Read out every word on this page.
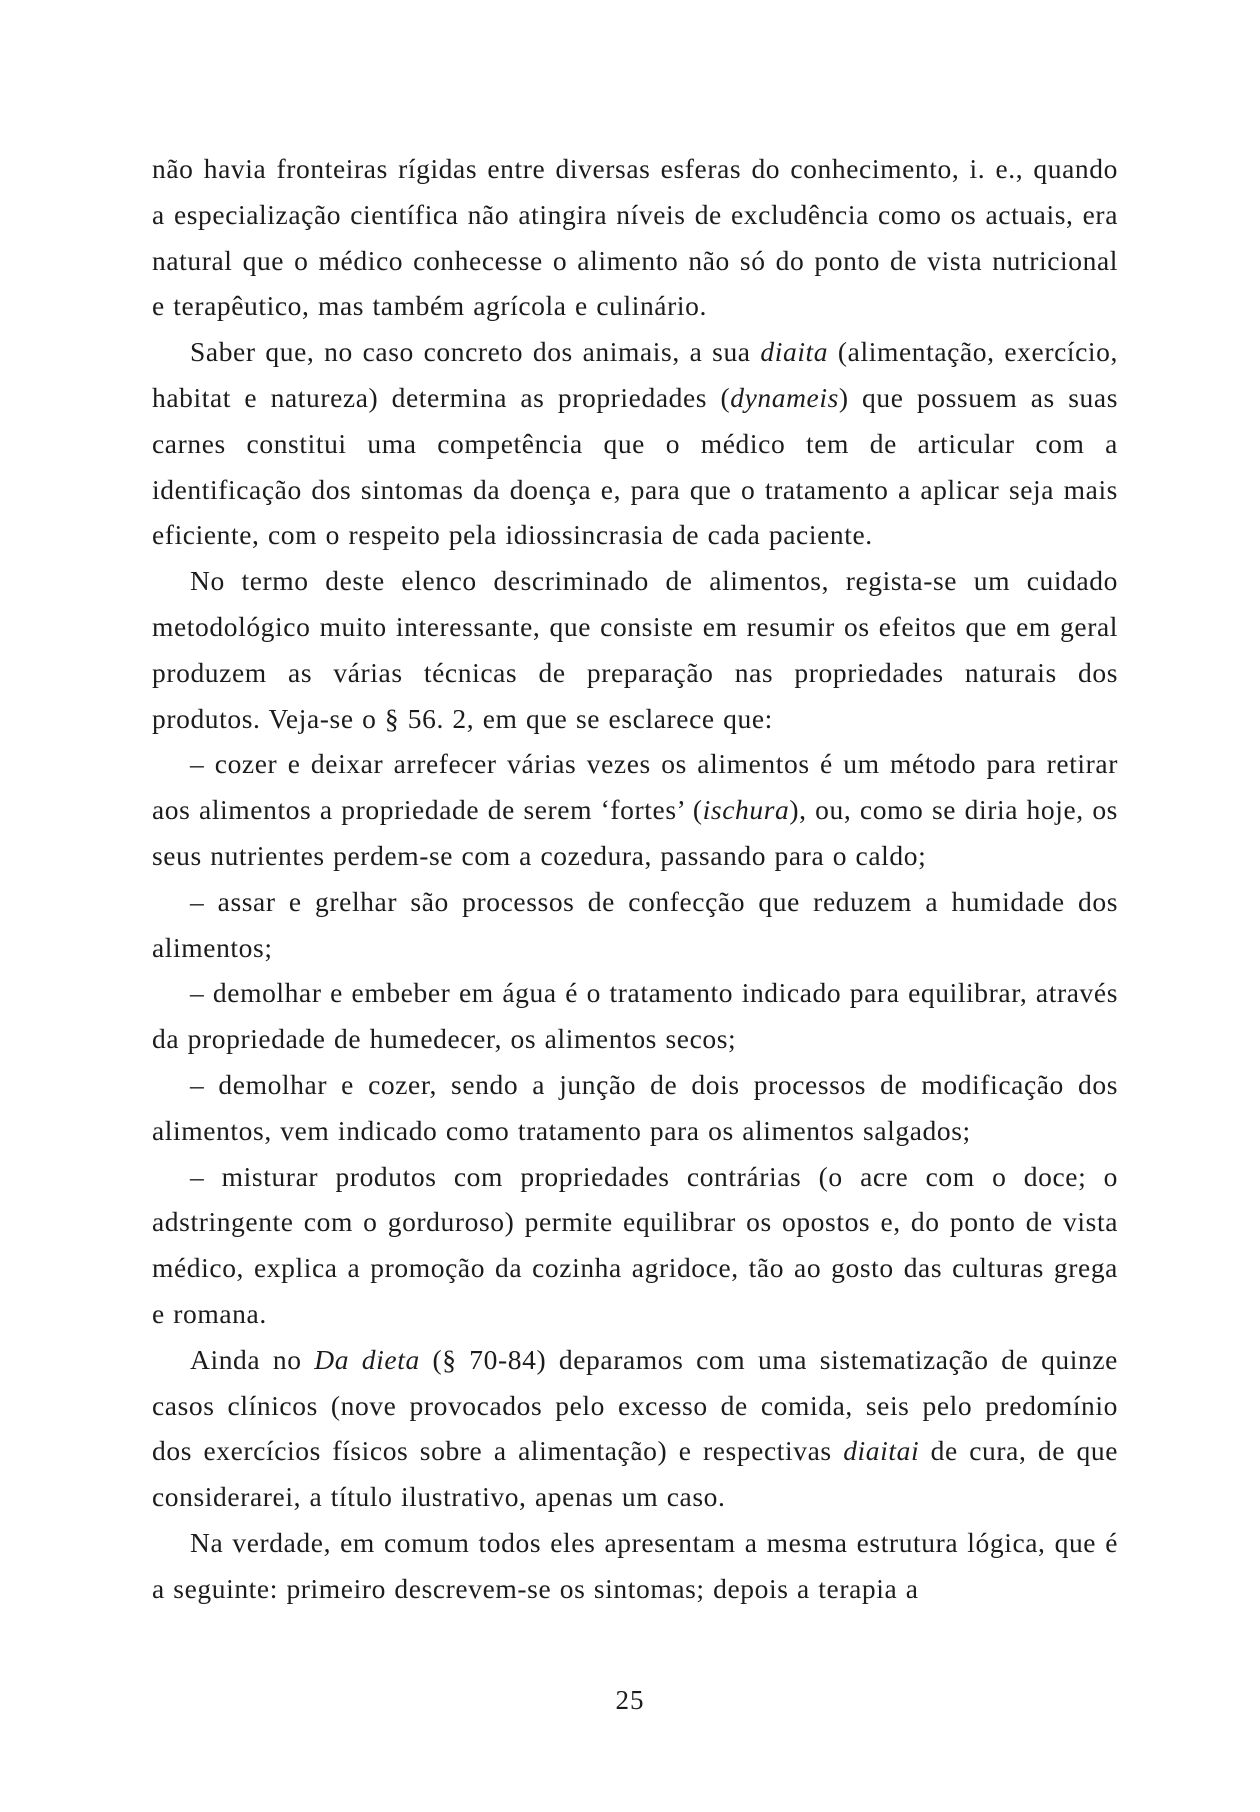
não havia fronteiras rígidas entre diversas esferas do conhecimento, i. e., quando a especialização científica não atingira níveis de excludência como os actuais, era natural que o médico conhecesse o alimento não só do ponto de vista nutricional e terapêutico, mas também agrícola e culinário.

Saber que, no caso concreto dos animais, a sua diaita (alimentação, exercício, habitat e natureza) determina as propriedades (dynameis) que possuem as suas carnes constitui uma competência que o médico tem de articular com a identificação dos sintomas da doença e, para que o tratamento a aplicar seja mais eficiente, com o respeito pela idiossincrasia de cada paciente.

No termo deste elenco descriminado de alimentos, regista-se um cuidado metodológico muito interessante, que consiste em resumir os efeitos que em geral produzem as várias técnicas de preparação nas propriedades naturais dos produtos. Veja-se o § 56. 2, em que se esclarece que:

– cozer e deixar arrefecer várias vezes os alimentos é um método para retirar aos alimentos a propriedade de serem ‘fortes’ (ischura), ou, como se diria hoje, os seus nutrientes perdem-se com a cozedura, passando para o caldo;

– assar e grelhar são processos de confecção que reduzem a humidade dos alimentos;

– demolhar e embeber em água é o tratamento indicado para equilibrar, através da propriedade de humedecer, os alimentos secos;

– demolhar e cozer, sendo a junção de dois processos de modificação dos alimentos, vem indicado como tratamento para os alimentos salgados;

– misturar produtos com propriedades contrárias (o acre com o doce; o adstringente com o gorduroso) permite equilibrar os opostos e, do ponto de vista médico, explica a promoção da cozinha agridoce, tão ao gosto das culturas grega e romana.

Ainda no Da dieta (§ 70-84) deparamos com uma sistematização de quinze casos clínicos (nove provocados pelo excesso de comida, seis pelo predomínio dos exercícios físicos sobre a alimentação) e respectivas diaitai de cura, de que considerarei, a título ilustrativo, apenas um caso.

Na verdade, em comum todos eles apresentam a mesma estrutura lógica, que é a seguinte: primeiro descrevem-se os sintomas; depois a terapia a

25
